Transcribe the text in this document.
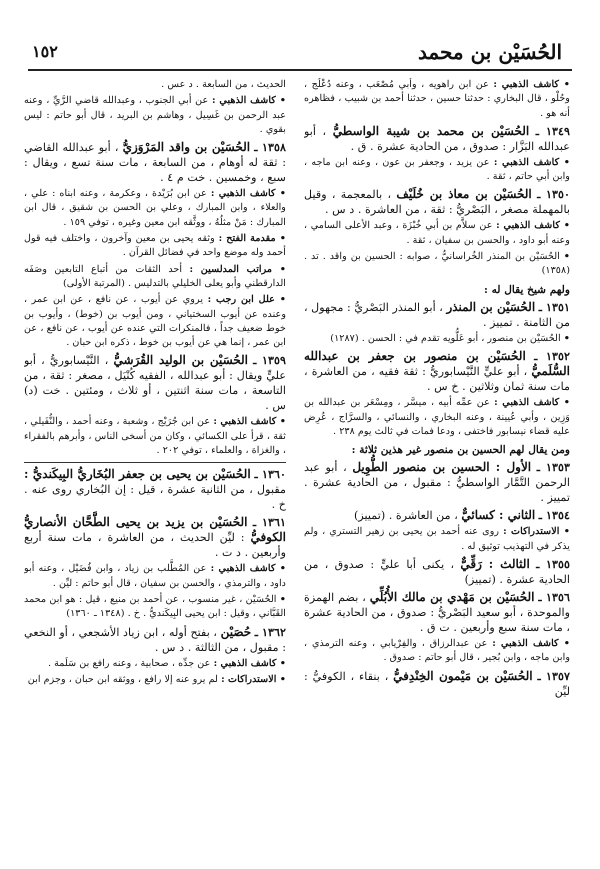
١٥٢	الحُسَيْن بن محمد

• كاشف الذهبي : عن ابن راهويه ، وأبي مُصْعَب ، وعنه دُعْلُج ، وحُلْو ، قال البخاري : حدثنا حسين ، حدثنا أحمد بن شبيب ، فظاهره أنه هو .

١٣٤٩ ـ الحُسَيْن بن محمد بن شيبة الواسطيُّ ، أبو عبدالله البَزَّار : صدوق ، من الحادية عشرة . ق .

• كاشف الذهبي : عن يزيد ، وجعفر بن عون ، وعنه ابن ماجه ، وابن أبي حاتم ، ثقة .

١٣٥٠ ـ الحُسَيْن بن معاذ بن خُلَيْف ، بالمعجمة ، وقيل بالمهملة مصغر ، البَصْريُّ : ثقة ، من العاشرة . د س .

• كاشف الذهبي : عن سلاَّم بن أبي خُبْزَة ، وعبد الأعلى السامي ، وعنه أبو داود ، والحسن بن سفيان ، ثقة .

• الحُسَيْن بن المنذر الخُراسانيُّ ، صوابه : الحسين بن واقد . تد . (١٣٥٨)

ولهم شيخ يقال له :

١٣٥١ ـ الحُسَيْن بن المنذر ، أبو المنذر البَصْريُّ : مجهول ، من الثامنة . تمييز .

• الحُسَيْن بن منصور ، أبو عَلُّويه تقدم في : الحسن . (١٢٨٧)

١٣٥٢ ـ الحُسَيْن بن منصور بن جعفر بن عبدالله السُّلَميُّ ، أبو عليٍّ النَّيْسابوريُّ : ثقة فقيه ، من العاشرة ، مات سنة ثمان وثلاثين . خ س .

• كاشف الذهبي : عن عمِّه أبيه ، ميسَّر ، ومِسْعَر بن عبدالله بن وَزِين ، وأبي عُيينة ، وعنه البخاري ، والنسائي ، والسرَّاج ، عُرِض عليه قضاء نيسابور فاختفى ، ودعا فمات في ثالث يوم ٢٣٨ .

ومن يقال لهم الحسين بن منصور غير هذين ثلاثة :

١٣٥٣ ـ الأول : الحسين بن منصور الطُّوِيل ، أبو عبد الرحمن التَّمَّار الواسطيُّ : مقبول ، من الحادية عشرة . تمييز .

١٣٥٤ ـ الثاني : كسائيٌّ ، من العاشرة . (تمييز)

• الاستدراكات : روى عنه أحمد بن يحيى بن زهير التستري ، ولم يذكر في التهذيب توثيق له .

١٣٥٥ ـ الثالث : رَقِّيٌّ ، يكنى أبا عليٍّ : صدوق ، من الحادية عشرة . (تمييز)

١٣٥٦ ـ الحُسَيْن بن مَهْدي بن مالك الأُبُلِّي ، بضم الهمزة والموحدة ، أبو سعيد البَصْريُّ : صدوق ، من الحادية عشرة ، مات سنة سبع وأربعين . ت ق .

• كاشف الذهبي : عن عبدالرزاق ، والفِرْيابي ، وعنه الترمذي ، وابن ماجه ، وابن بُجير ، قال أبو حاتم : صدوق .

١٣٥٧ ـ الحُسَيْن بن مَيْمون الخِنْدِفيُّ ، بنقاء ، الكوفيُّ : ليِّن

الحديث ، من السابعة . د عس .

• كاشف الذهبي : عن أبي الجنوب ، وعبدالله قاضي الرَّيِّ ، وعنه عبد الرحمن بن غَسِيل ، وهاشم بن البريد ، قال أبو حاتم : ليس بقوي .

١٣٥٨ ـ الحُسَيْن بن واقد المَرْوَزيُّ ، أبو عبدالله القاضي : ثقة له أوهام ، من السابعة ، مات سنة تسع ، ويقال : سبع ، وخمسين . خت م ٤ .

• كاشف الذهبي : عن ابن بُرَيْدة ، وعكرمة ، وعنه ابناه : علي ، والعلاء ، وابن المبارك ، وعلي بن الحسن بن شقيق ، قال ابن المبارك : مَنْ مثلُهُ ، ووثَّقه ابن معين وغيره ، توفي ١٥٩ .

• مقدمة الفتح : وثقه يحيى بن معين وآخرون ، واختلف فيه قول أحمد وله موضع واحد في فضائل القرآن .

• مراتب المدلسين : أحد الثقات من أتباع التابعين وصَفَه الدارقطني وأبو يعلى الخليلي بالتدليس . (المرتبة الأولى)

• علل ابن رجب : يروي عن أيوب ، عن نافع ، عن ابن عمر ، وعنده عن أيوب السختياني ، ومن أيوب بن (خوط) ، وأيوب بن خوط ضعيف جداً ، فالمنكرات التي عنده عن أيوب ، عن نافع ، عن ابن عمر ، إنما هي عن أيوب بن خوط ، ذكره ابن حبان .

١٣٥٩ ـ الحُسَيْن بن الوليد القُرَشيُّ ، النَّيْسابوريُّ ، أبو عليٍّ ويقال : أبو عبدالله ، الفقيه كُنْيَل ، مصغر : ثقة ، من التاسعة ، مات سنة اثنتين ، أو ثلاث ، ومئتين . خت (د) س .

• كاشف الذهبي : عن ابن جُرَيْج ، وشعبة ، وعنه أحمد ، والنُّفَيلي ، ثقة ، قرأ على الكسائي ، وكان من أسخى الناس ، وأبرهم بالفقراء ، والغزاة ، والعلماء ، توفي ٢٠٢ .

١٣٦٠ ـ الحُسَيْن بن يحيى بن جعفر البُخَاريُّ البِيكَنديُّ : مقبول ، من الثانية عشرة ، قيل : إن البُخاري روى عنه . خ .

١٣٦١ ـ الحُسَيْن بن يزيد بن يحيى الطَّحَّان الأنصاريُّ الكوفيُّ : ليِّن الحديث ، من العاشرة ، مات سنة أربع وأربعين . د ت .

• كاشف الذهبي : عن المُطَّلب بن زياد ، وابن فُضَيْل ، وعنه أبو داود ، والترمذي ، والحسن بن سفيان ، قال أبو حاتم : ليِّن .

• الحُسَيْن ، غير منسوب ، عن أحمد بن منيع ، قيل : هو ابن محمد القَبَّاني ، وقيل : ابن يحيى البِيكَنديُّ . خ . (١٣٤٨ ـ ١٣٦٠)

١٣٦٢ ـ حُصَيْن ، بفتح أوله ، ابن زياد الأشجعي ، أو النخعي : مقبول ، من الثالثة . د س .

• كاشف الذهبي : عن جدِّه ، صحابية ، وعنه رافع بن سَلَمة .

• الاستدراكات : لم يرو عنه إلا رافع ، ووثقه ابن حبان ، وجزم ابن
